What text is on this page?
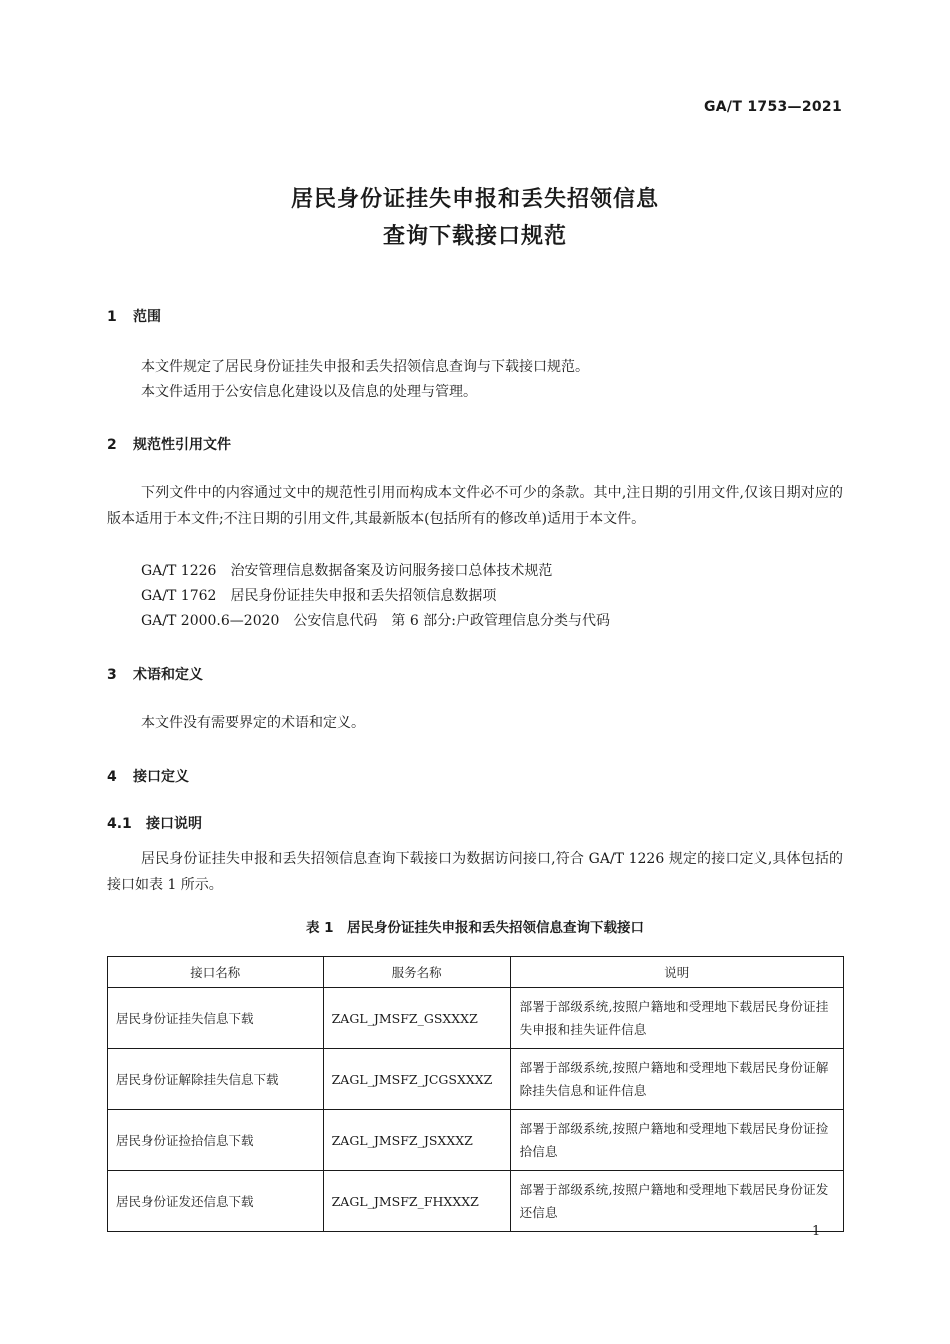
GA/T 1753—2021
居民身份证挂失申报和丢失招领信息
查询下载接口规范
1 范围
本文件规定了居民身份证挂失申报和丢失招领信息查询与下载接口规范。
本文件适用于公安信息化建设以及信息的处理与管理。
2 规范性引用文件
下列文件中的内容通过文中的规范性引用而构成本文件必不可少的条款。其中,注日期的引用文件,仅该日期对应的版本适用于本文件;不注日期的引用文件,其最新版本(包括所有的修改单)适用于本文件。
GA/T 1226 治安管理信息数据备案及访问服务接口总体技术规范
GA/T 1762 居民身份证挂失申报和丢失招领信息数据项
GA/T 2000.6—2020 公安信息代码　第 6 部分:户政管理信息分类与代码
3 术语和定义
本文件没有需要界定的术语和定义。
4 接口定义
4.1 接口说明
居民身份证挂失申报和丢失招领信息查询下载接口为数据访问接口,符合 GA/T 1226 规定的接口定义,具体包括的接口如表 1 所示。
表 1　居民身份证挂失申报和丢失招领信息查询下载接口
接口名称	服务名称	说明
居民身份证挂失信息下载	ZAGL_JMSFZ_GSXXXZ	部署于部级系统,按照户籍地和受理地下载居民身份证挂失申报和挂失证件信息
居民身份证解除挂失信息下载	ZAGL_JMSFZ_JCGSXXXZ	部署于部级系统,按照户籍地和受理地下载居民身份证解除挂失信息和证件信息
居民身份证捡拾信息下载	ZAGL_JMSFZ_JSXXXZ	部署于部级系统,按照户籍地和受理地下载居民身份证捡拾信息
居民身份证发还信息下载	ZAGL_JMSFZ_FHXXXZ	部署于部级系统,按照户籍地和受理地下载居民身份证发还信息
1
